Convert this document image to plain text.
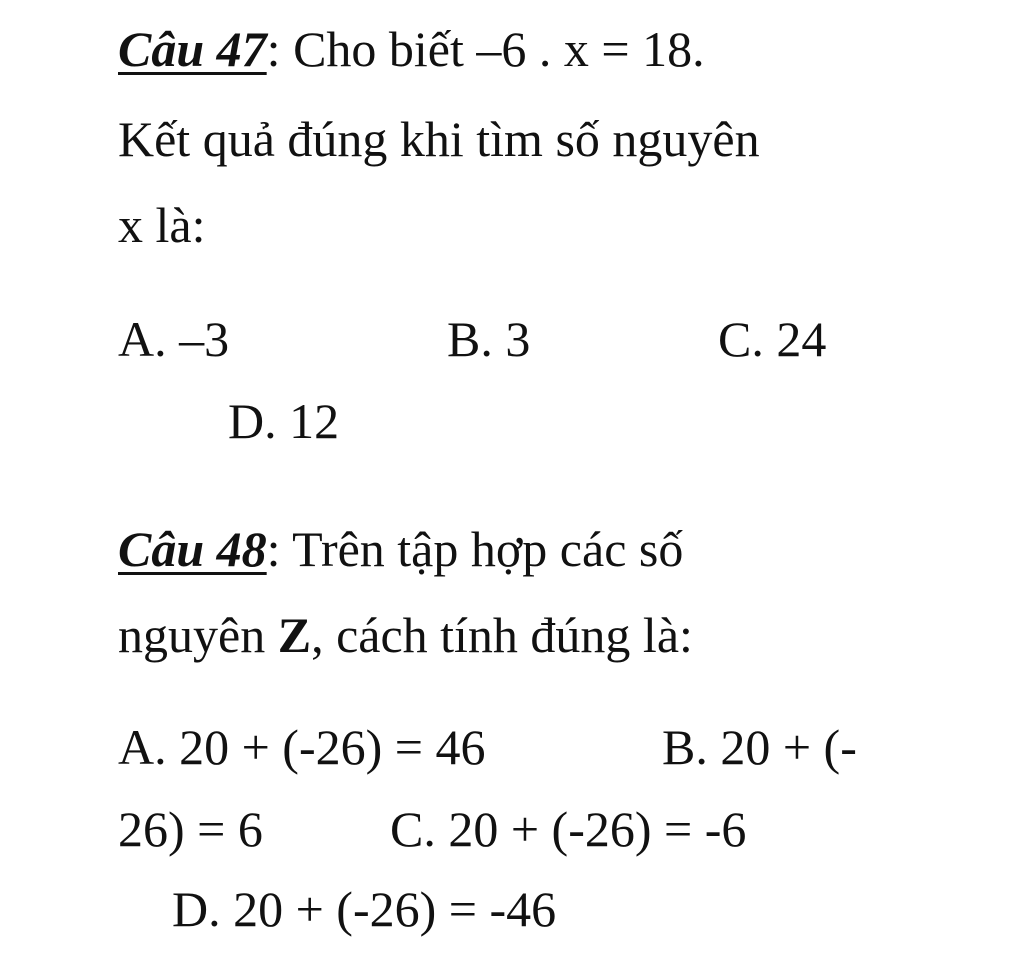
Câu 47: Cho biết –6 . x = 18.
Kết quả đúng khi tìm số nguyên
x là:
A. –3	B. 3	C. 24
D. 12
Câu 48: Trên tập hợp các số
nguyên Z, cách tính đúng là:
A. 20 + (-26) = 46	B. 20 + (-
26) = 6	C. 20 + (-26) = -6
D. 20 + (-26) = -46
